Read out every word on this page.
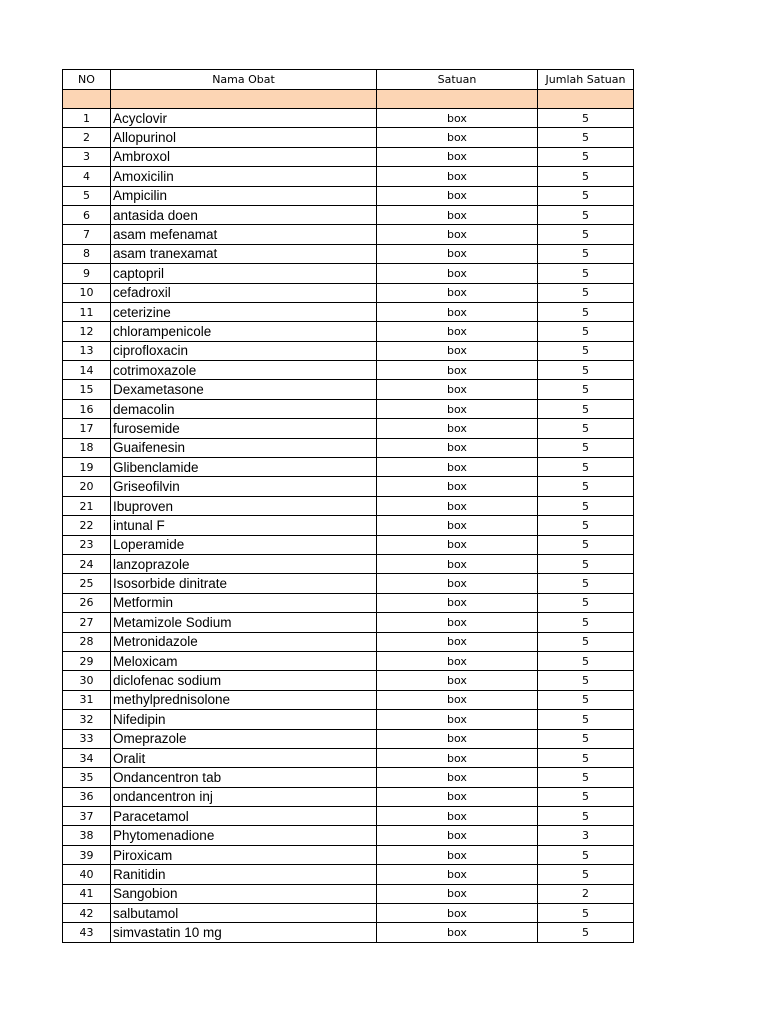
NO	Nama Obat	Satuan	Jumlah Satuan

1	Acyclovir	box	5
2	Allopurinol	box	5
3	Ambroxol	box	5
4	Amoxicilin	box	5
5	Ampicilin	box	5
6	antasida doen	box	5
7	asam mefenamat	box	5
8	asam tranexamat	box	5
9	captopril	box	5
10	cefadroxil	box	5
11	ceterizine	box	5
12	chlorampenicole	box	5
13	ciprofloxacin	box	5
14	cotrimoxazole	box	5
15	Dexametasone	box	5
16	demacolin	box	5
17	furosemide	box	5
18	Guaifenesin	box	5
19	Glibenclamide	box	5
20	Griseofilvin	box	5
21	Ibuproven	box	5
22	intunal F	box	5
23	Loperamide	box	5
24	lanzoprazole	box	5
25	Isosorbide dinitrate	box	5
26	Metformin	box	5
27	Metamizole Sodium	box	5
28	Metronidazole	box	5
29	Meloxicam	box	5
30	diclofenac sodium	box	5
31	methylprednisolone	box	5
32	Nifedipin	box	5
33	Omeprazole	box	5
34	Oralit	box	5
35	Ondancentron tab	box	5
36	ondancentron inj	box	5
37	Paracetamol	box	5
38	Phytomenadione	box	3
39	Piroxicam	box	5
40	Ranitidin	box	5
41	Sangobion	box	2
42	salbutamol	box	5
43	simvastatin 10 mg	box	5
